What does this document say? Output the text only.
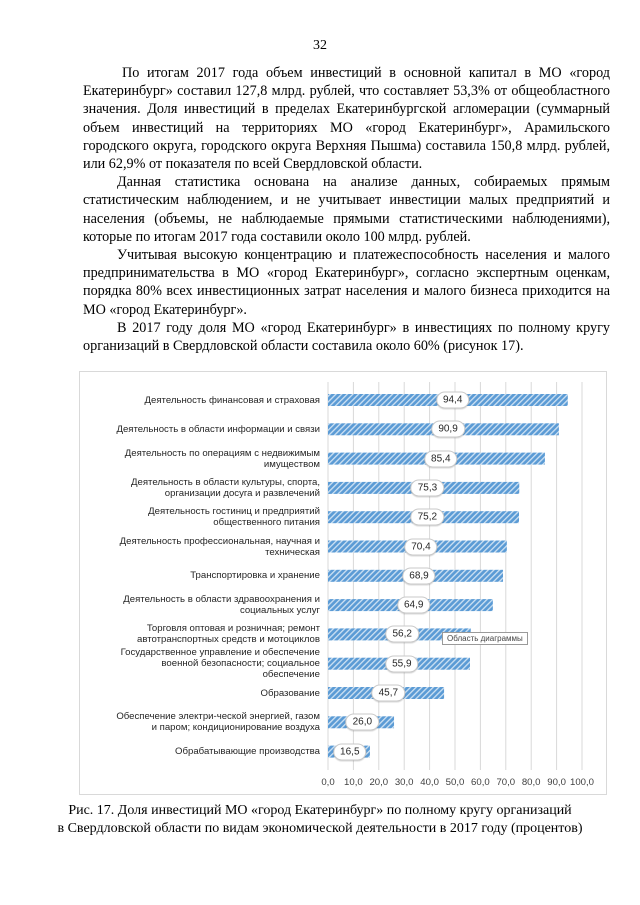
32

По итогам 2017 года объем инвестиций в основной капитал в МО «город Екатеринбург» составил 127,8 млрд. рублей, что составляет 53,3% от общеобластного значения. Доля инвестиций в пределах Екатеринбургской агломерации (суммарный объем инвестиций на территориях МО «город Екатеринбург», Арамильского городского округа, городского округа Верхняя Пышма) составила 150,8 млрд. рублей, или 62,9% от показателя по всей Свердловской области.

Данная статистика основана на анализе данных, собираемых прямым статистическим наблюдением, и не учитывает инвестиции малых предприятий и населения (объемы, не наблюдаемые прямыми статистическими наблюдениями), которые по итогам 2017 года составили около 100 млрд. рублей.

Учитывая высокую концентрацию и платежеспособность населения и малого предпринимательства в МО «город Екатеринбург», согласно экспертным оценкам, порядка 80% всех инвестиционных затрат населения и малого бизнеса приходится на МО «город Екатеринбург».

В 2017 году доля МО «город Екатеринбург» в инвестициях по полному кругу организаций в Свердловской области составила около 60% (рисунок 17).

0,0 10,0 20,0 30,0 40,0 50,0 60,0 70,0 80,0 90,0 100,0
Деятельность финансовая и страховая	94,4
Деятельность в области информации и связи	90,9
Деятельность по операциям с недвижимым имуществом	85,4
Деятельность в области культуры, спорта, организации досуга и развлечений	75,3
Деятельность гостиниц и предприятий общественного питания	75,2
Деятельность профессиональная, научная и техническая	70,4
Транспортировка и хранение	68,9
Деятельность в области здравоохранения и социальных услуг	64,9
Торговля оптовая и розничная; ремонт автотранспортных средств и мотоциклов	56,2
Государственное управление и обеспечение военной безопасности; социальное обеспечение
55,9
Образование	45,7
Обеспечение электри-ческой энергией, газом и паром; кондиционирование воздуха	26,0
Обрабатывающие производства	16,5
Область диаграммы
Рис. 17. Доля инвестиций МО «город Екатеринбург» по полному кругу организаций
в Свердловской области по видам экономической деятельности в 2017 году (процентов)
